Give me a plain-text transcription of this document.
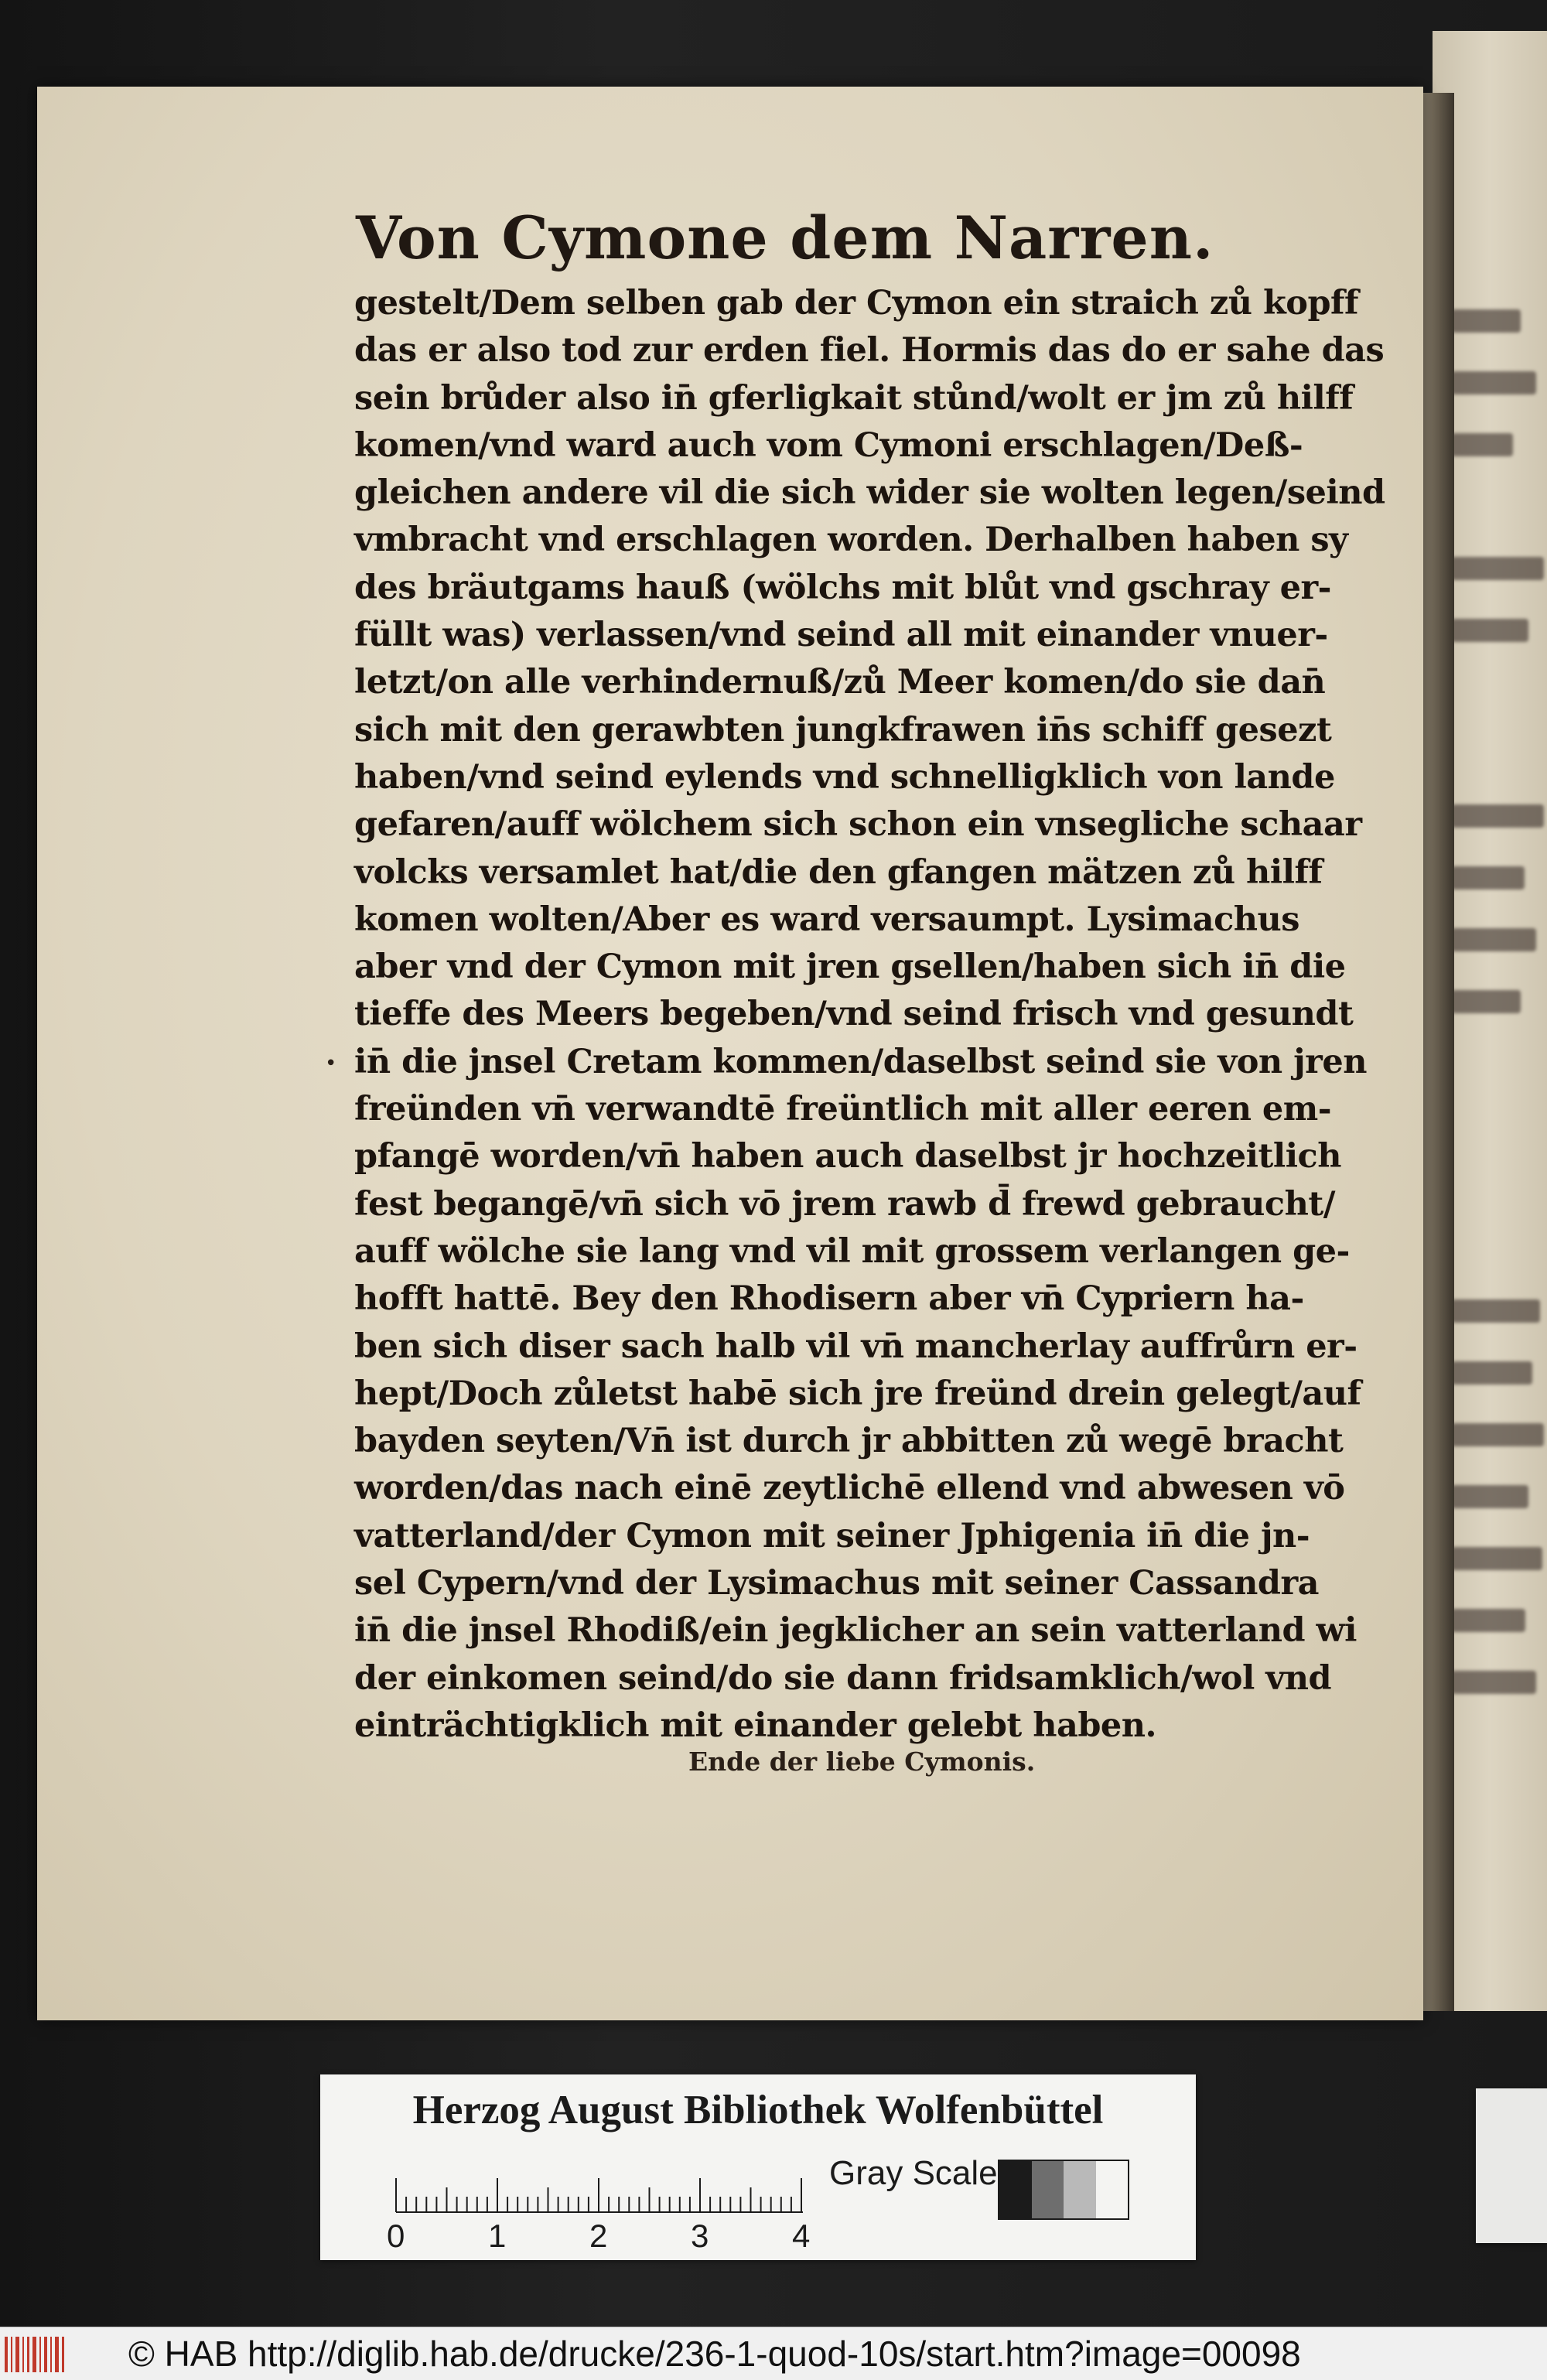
Von Cymone dem Narren.
gestelt/Dem selben gab der Cymon ein straich zů kopff
das er also tod zur erden fiel. Hormis das do er sahe das
sein brůder also in̄ gferligkait stůnd/wolt er jm zů hilff
komen/vnd ward auch vom Cymoni erschlagen/Deß-
gleichen andere vil die sich wider sie wolten legen/seind
vmbracht vnd erschlagen worden. Derhalben haben sy
des bräutgams hauß (wölchs mit blůt vnd gschray er-
füllt was) verlassen/vnd seind all mit einander vnuer-
letzt/on alle verhindernuß/zů Meer komen/do sie dan̄
sich mit den gerawbten jungkfrawen in̄s schiff gesezt
haben/vnd seind eylends vnd schnelligklich von lande
gefaren/auff wölchem sich schon ein vnsegliche schaar
volcks versamlet hat/die den gfangen mätzen zů hilff
komen wolten/Aber es ward versaumpt. Lysimachus
aber vnd der Cymon mit jren gsellen/haben sich in̄ die
tieffe des Meers begeben/vnd seind frisch vnd gesundt
in̄ die jnsel Cretam kommen/daselbst seind sie von jren
freünden vn̄ verwandtē freüntlich mit aller eeren em-
pfangē worden/vn̄ haben auch daselbst jr hochzeitlich
fest begangē/vn̄ sich vō jrem rawb d̄ frewd gebraucht/
auff wölche sie lang vnd vil mit grossem verlangen ge-
hofft hattē. Bey den Rhodisern aber vn̄ Cypriern ha-
ben sich diser sach halb vil vn̄ mancherlay auffrůrn er-
hept/Doch zůletst habē sich jre freünd drein gelegt/auf
bayden seyten/Vn̄ ist durch jr abbitten zů wegē bracht
worden/das nach einē zeytlichē ellend vnd abwesen vō
vatterland/der Cymon mit seiner Jphigenia in̄ die jn-
sel Cypern/vnd der Lysimachus mit seiner Cassandra
in̄ die jnsel Rhodiß/ein jegklicher an sein vatterland wi
der einkomen seind/do sie dann fridsamklich/wol vnd
einträchtigklich mit einander gelebt haben.
•

Ende der liebe Cymonis.

Herzog August Bibliothek Wolfenbüttel

0	1	2	3	4

Gray Scale

© HAB http://diglib.hab.de/drucke/236-1-quod-10s/start.htm?image=00098
